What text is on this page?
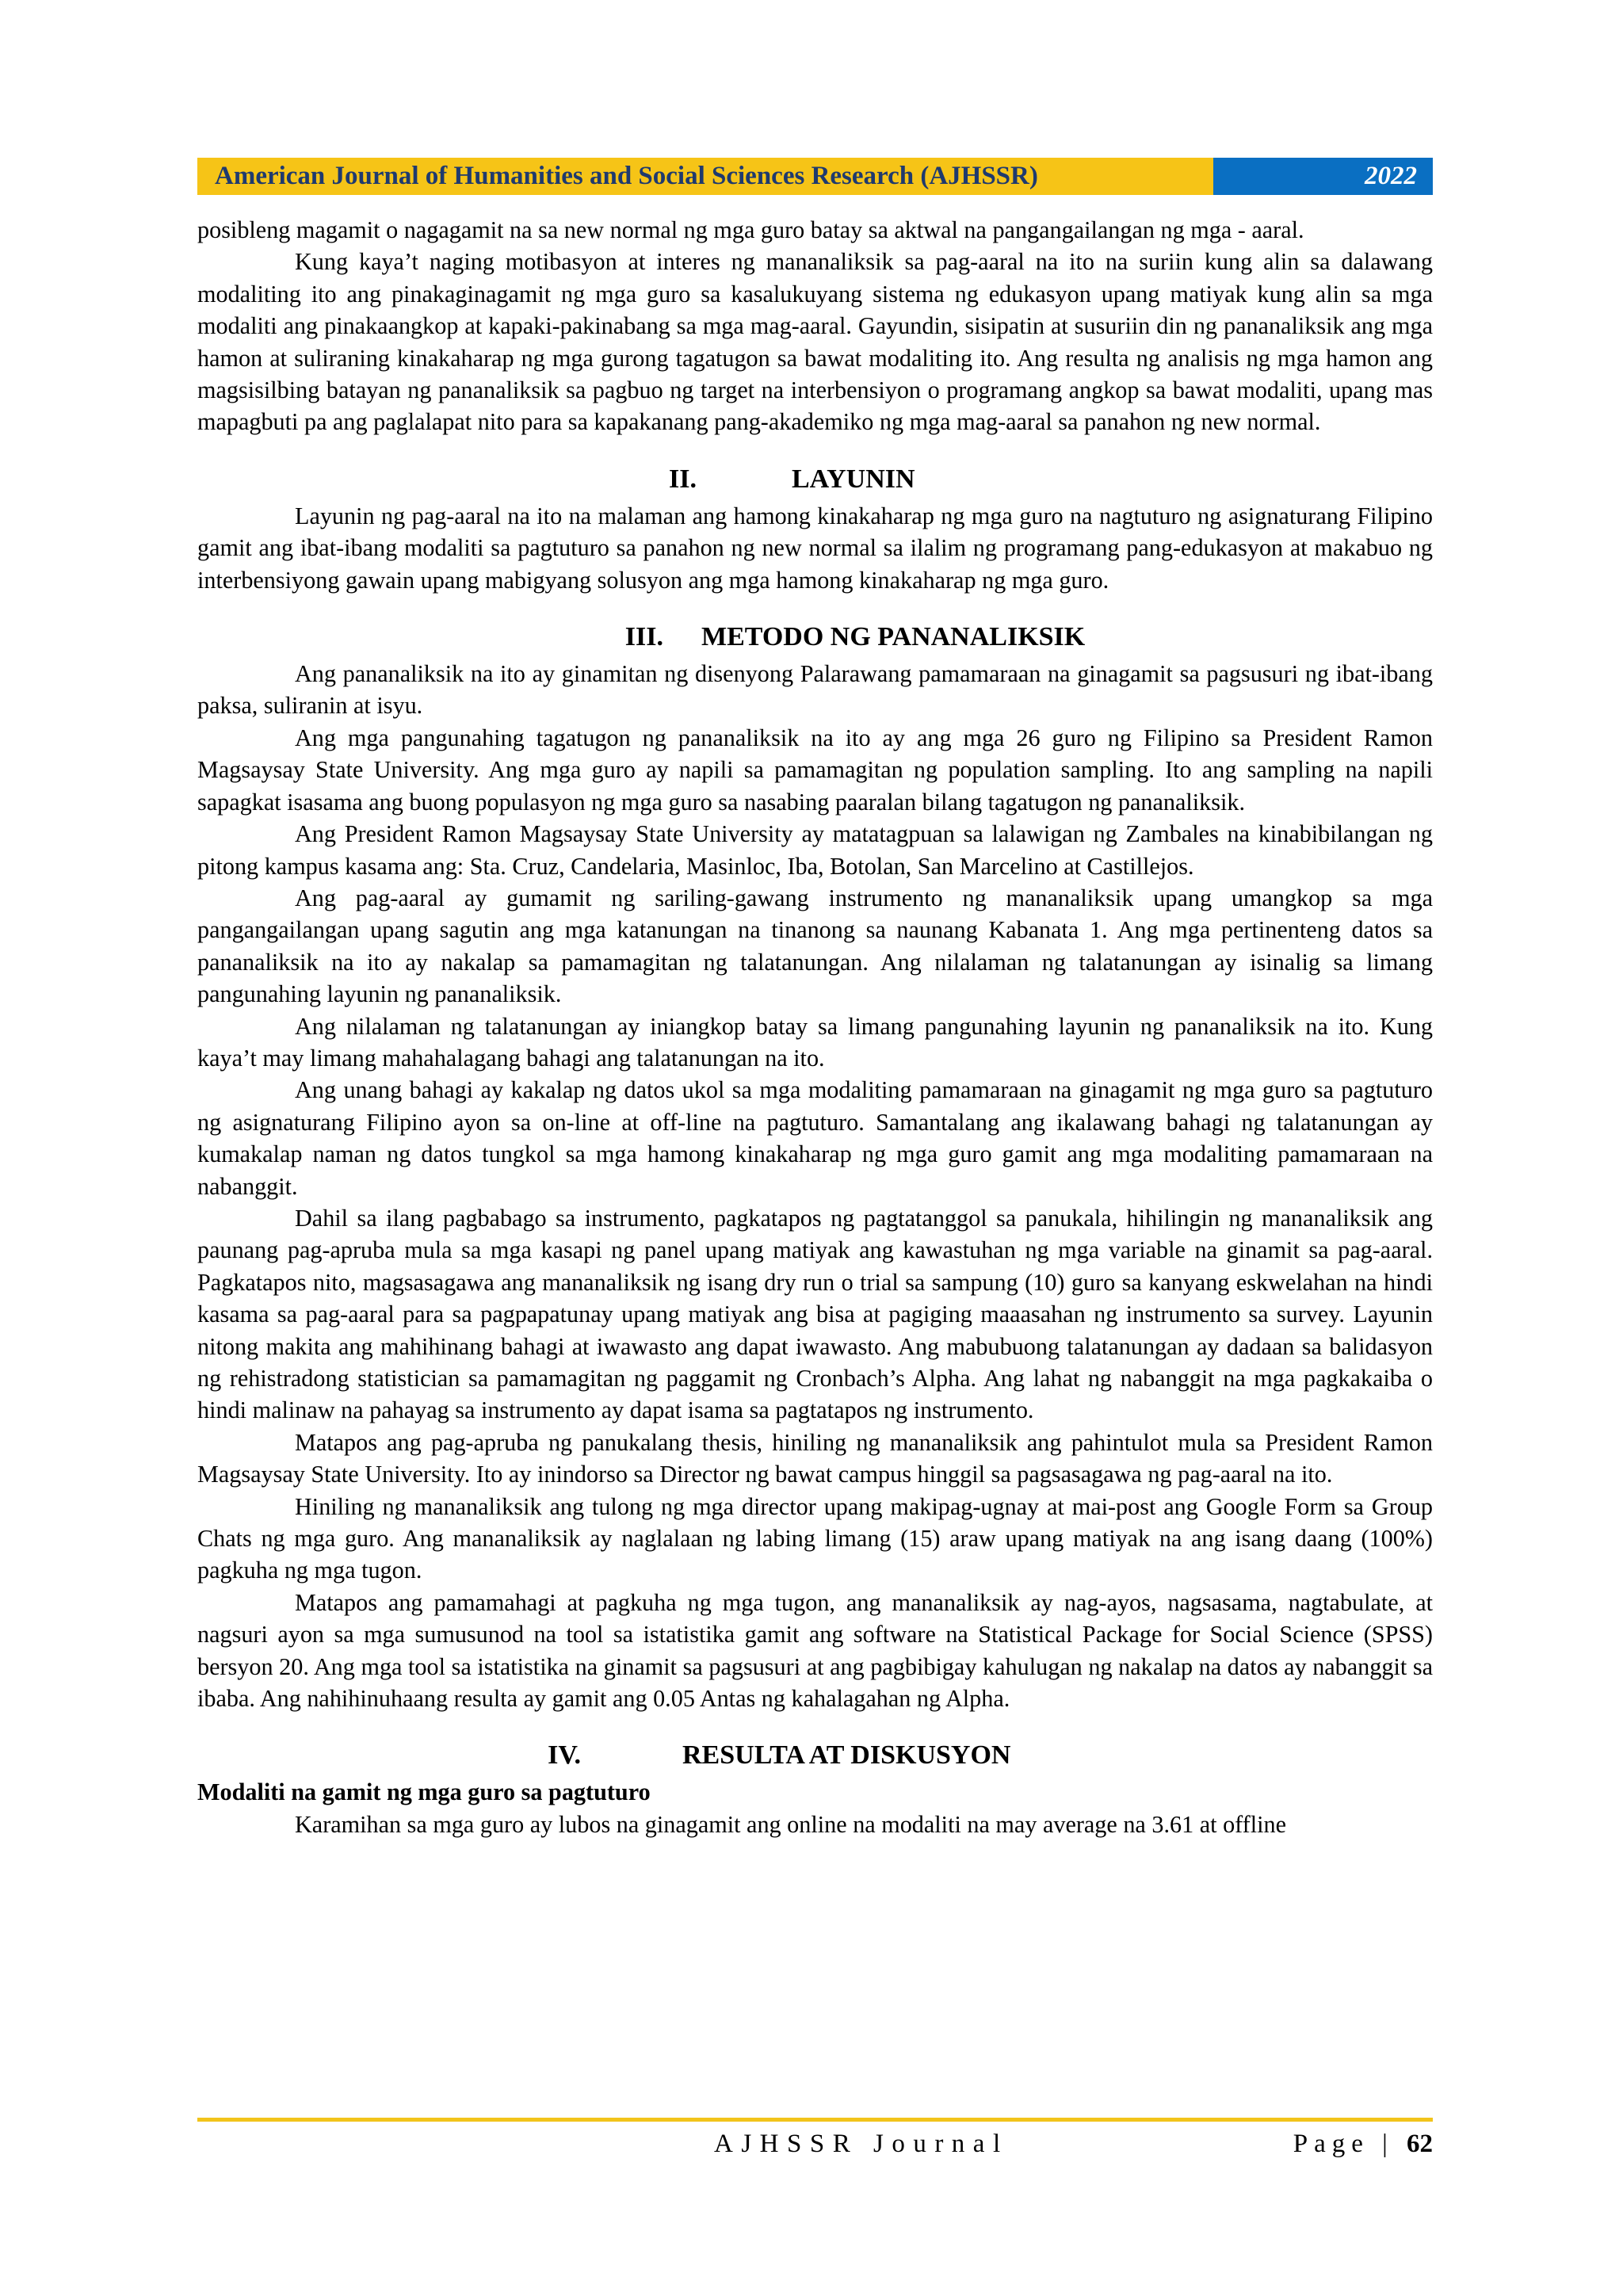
American Journal of Humanities and Social Sciences Research (AJHSSR)	2022

posibleng magamit o nagagamit na sa new normal ng mga guro batay sa aktwal na pangangailangan ng mga - aaral.

Kung kaya’t naging motibasyon at interes ng mananaliksik sa pag-aaral na ito na suriin kung alin sa dalawang modaliting ito ang pinakaginagamit ng mga guro sa kasalukuyang sistema ng edukasyon upang matiyak kung alin sa mga modaliti ang pinakaangkop at kapaki-pakinabang sa mga mag-aaral. Gayundin, sisipatin at susuriin din ng pananaliksik ang mga hamon at suliraning kinakaharap ng mga gurong tagatugon sa bawat modaliting ito. Ang resulta ng analisis ng mga hamon ang magsisilbing batayan ng pananaliksik sa pagbuo ng target na interbensiyon o programang angkop sa bawat modaliti, upang mas mapagbuti pa ang paglalapat nito para sa kapakanang pang-akademiko ng mga mag-aaral sa panahon ng new normal.

II.	LAYUNIN

Layunin ng pag-aaral na ito na malaman ang hamong kinakaharap ng mga guro na nagtuturo ng asignaturang Filipino gamit ang ibat-ibang modaliti sa pagtuturo sa panahon ng new normal sa ilalim ng programang pang-edukasyon at makabuo ng interbensiyong gawain upang mabigyang solusyon ang mga hamong kinakaharap ng mga guro.

III.	METODO NG PANANALIKSIK

Ang pananaliksik na ito ay ginamitan ng disenyong Palarawang pamamaraan na ginagamit sa pagsusuri ng ibat-ibang paksa, suliranin at isyu.

Ang mga pangunahing tagatugon ng pananaliksik na ito ay ang mga 26 guro ng Filipino sa President Ramon Magsaysay State University. Ang mga guro ay napili sa pamamagitan ng population sampling. Ito ang sampling na napili sapagkat isasama ang buong populasyon ng mga guro sa nasabing paaralan bilang tagatugon ng pananaliksik.

Ang President Ramon Magsaysay State University ay matatagpuan sa lalawigan ng Zambales na kinabibilangan ng pitong kampus kasama ang: Sta. Cruz, Candelaria, Masinloc, Iba, Botolan, San Marcelino at Castillejos.

Ang pag-aaral ay gumamit ng sariling-gawang instrumento ng mananaliksik upang umangkop sa mga pangangailangan upang sagutin ang mga katanungan na tinanong sa naunang Kabanata 1. Ang mga pertinenteng datos sa pananaliksik na ito ay nakalap sa pamamagitan ng talatanungan. Ang nilalaman ng talatanungan ay isinalig sa limang pangunahing layunin ng pananaliksik.

Ang nilalaman ng talatanungan ay iniangkop batay sa limang pangunahing layunin ng pananaliksik na ito. Kung kaya’t may limang mahahalagang bahagi ang talatanungan na ito.

Ang unang bahagi ay kakalap ng datos ukol sa mga modaliting pamamaraan na ginagamit ng mga guro sa pagtuturo ng asignaturang Filipino ayon sa on-line at off-line na pagtuturo. Samantalang ang ikalawang bahagi ng talatanungan ay kumakalap naman ng datos tungkol sa mga hamong kinakaharap ng mga guro gamit ang mga modaliting pamamaraan na nabanggit.

Dahil sa ilang pagbabago sa instrumento, pagkatapos ng pagtatanggol sa panukala, hihilingin ng mananaliksik ang paunang pag-apruba mula sa mga kasapi ng panel upang matiyak ang kawastuhan ng mga variable na ginamit sa pag-aaral. Pagkatapos nito, magsasagawa ang mananaliksik ng isang dry run o trial sa sampung (10) guro sa kanyang eskwelahan na hindi kasama sa pag-aaral para sa pagpapatunay upang matiyak ang bisa at pagiging maaasahan ng instrumento sa survey. Layunin nitong makita ang mahihinang bahagi at iwawasto ang dapat iwawasto. Ang mabubuong talatanungan ay dadaan sa balidasyon ng rehistradong statistician sa pamamagitan ng paggamit ng Cronbach’s Alpha. Ang lahat ng nabanggit na mga pagkakaiba o hindi malinaw na pahayag sa instrumento ay dapat isama sa pagtatapos ng instrumento.

Matapos ang pag-apruba ng panukalang thesis, hiniling ng mananaliksik ang pahintulot mula sa President Ramon Magsaysay State University. Ito ay inindorso sa Director ng bawat campus hinggil sa pagsasagawa ng pag-aaral na ito.

Hiniling ng mananaliksik ang tulong ng mga director upang makipag-ugnay at mai-post ang Google Form sa Group Chats ng mga guro. Ang mananaliksik ay naglalaan ng labing limang (15) araw upang matiyak na ang isang daang (100%) pagkuha ng mga tugon.

Matapos ang pamamahagi at pagkuha ng mga tugon, ang mananaliksik ay nag-ayos, nagsasama, nagtabulate, at nagsuri ayon sa mga sumusunod na tool sa istatistika gamit ang software na Statistical Package for Social Science (SPSS) bersyon 20. Ang mga tool sa istatistika na ginamit sa pagsusuri at ang pagbibigay kahulugan ng nakalap na datos ay nabanggit sa ibaba. Ang nahihinuhaang resulta ay gamit ang 0.05 Antas ng kahalagahan ng Alpha.

IV.	RESULTA AT DISKUSYON

Modaliti na gamit ng mga guro sa pagtuturo

Karamihan sa mga guro ay lubos na ginagamit ang online na modaliti na may average na 3.61 at offline

AJHSSR Journal	Page | 62
